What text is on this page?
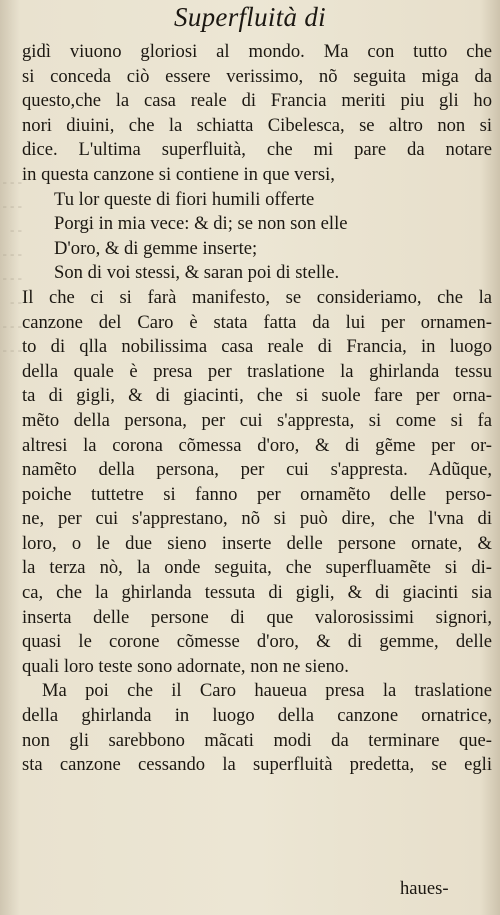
- - -
- - -
- -
- - -
- - -
- -
- - -
- - -
Superfluità di
gidì viuono gloriosi al mondo. Ma con tutto che
si conceda ciò essere verissimo, nõ seguita miga da
questo,che la casa reale di Francia meriti piu gli ho
nori diuini, che la schiatta Cibelesca, se altro non si
dice. L'ultima superfluità, che mi pare da notare
in questa canzone si contiene in que versi,
Tu lor queste di fiori humili offerte
Porgi in mia vece: & di; se non son elle
D'oro, & di gemme inserte;
Son di voi stessi, & saran poi di stelle.
Il che ci si farà manifesto, se consideriamo, che la
canzone del Caro è stata fatta da lui per ornamen-
to di qlla nobilissima casa reale di Francia, in luogo
della quale è presa per traslatione la ghirlanda tessu
ta di gigli, & di giacinti, che si suole fare per orna-
mẽto della persona, per cui s'appresta, si come si fa
altresi la corona cõmessa d'oro, & di gẽme per or-
namẽto della persona, per cui s'appresta. Adũque,
poiche tuttetre si fanno per ornamẽto delle perso-
ne, per cui s'apprestano, nõ si può dire, che l'vna di
loro, o le due sieno inserte delle persone ornate, &
la terza nò, la onde seguita, che superfluamẽte si di-
ca, che la ghirlanda tessuta di gigli, & di giacinti sia
inserta delle persone di que valorosissimi signori,
quasi le corone cõmesse d'oro, & di gemme, delle
quali loro teste sono adornate, non ne sieno.
Ma poi che il Caro haueua presa la traslatione
della ghirlanda in luogo della canzone ornatrice,
non gli sarebbono mãcati modi da terminare que-
sta canzone cessando la superfluità predetta, se egli
haues-
